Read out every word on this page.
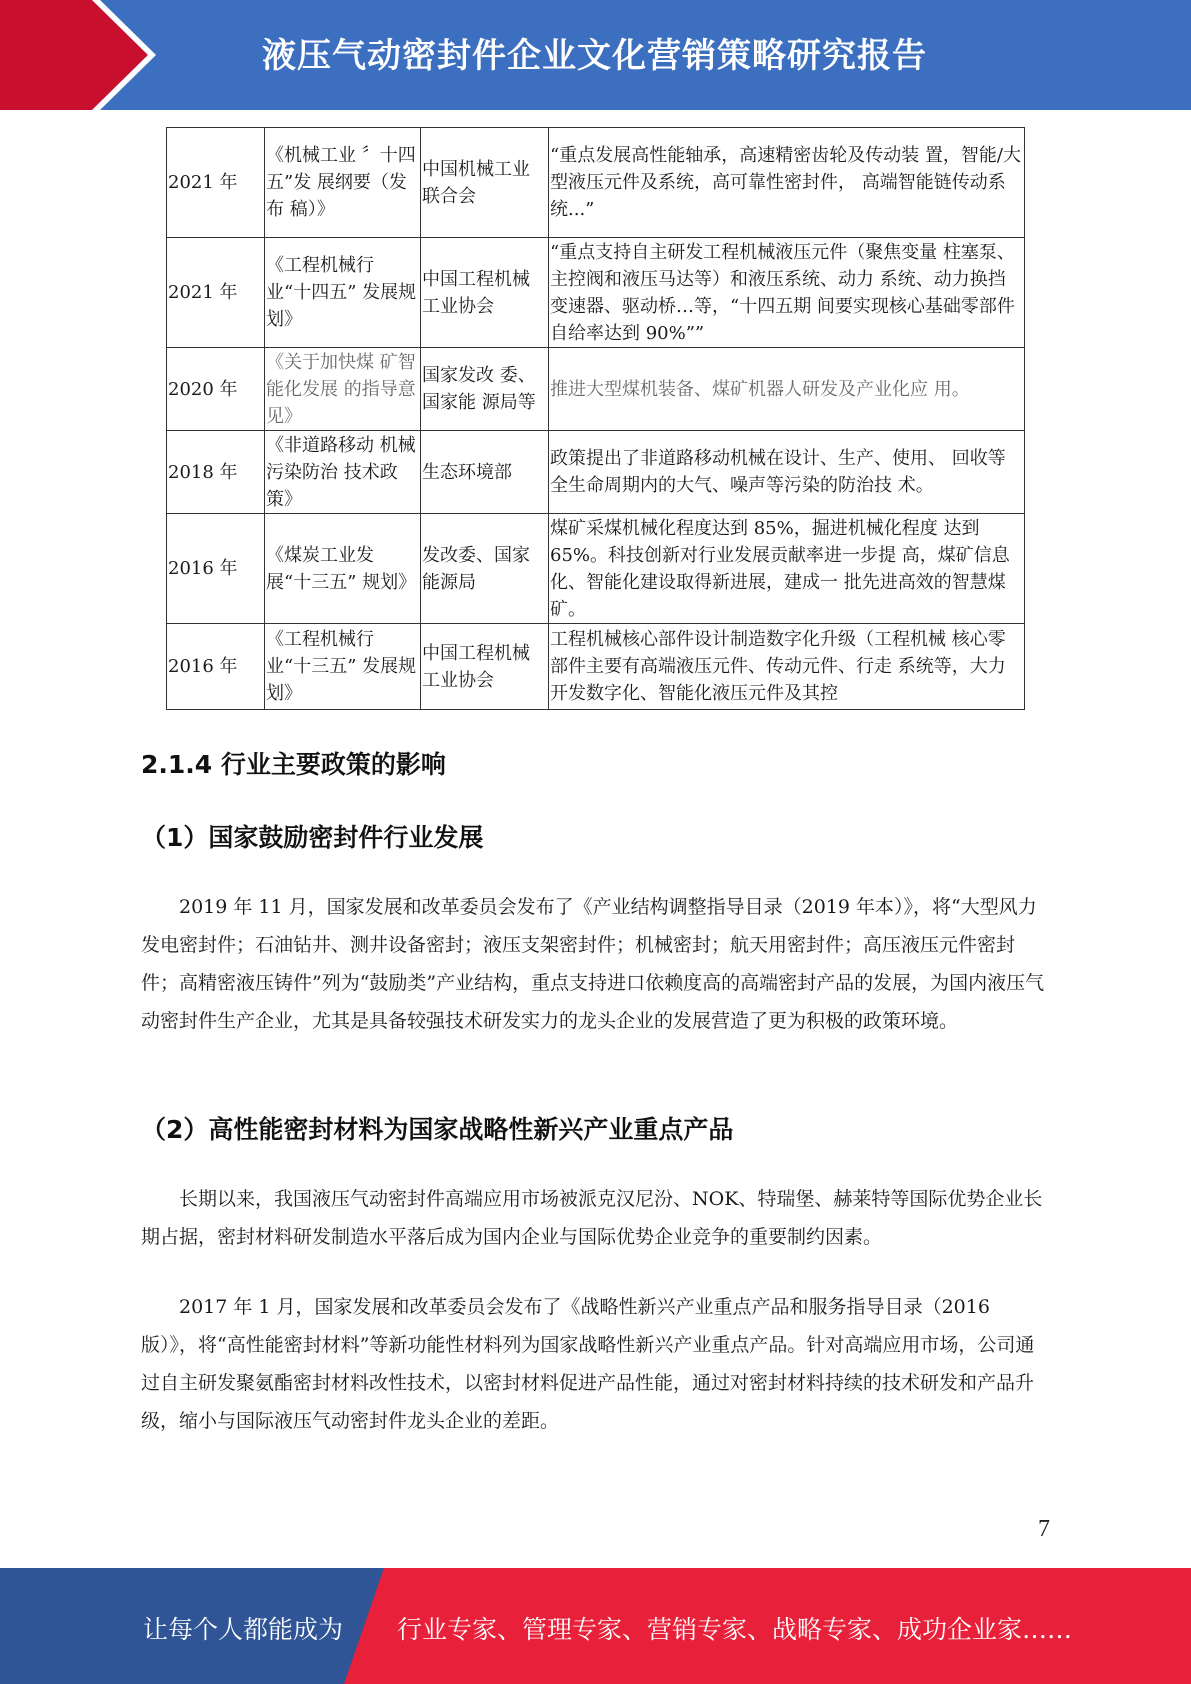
液压气动密封件企业文化营销策略研究报告
2021 年	《机械工业 〞十四五”发 展纲要（发布 稿）》	中国机械工业联合会	“重点发展高性能轴承，高速精密齿轮及传动装 置，智能/大型液压元件及系统，高可靠性密封件， 高端智能链传动系统...”
2021 年	《工程机械行 业“十四五” 发展规划》	中国工程机械工业协会	“重点支持自主研发工程机械液压元件（聚焦变量 柱塞泵、主控阀和液压马达等）和液压系统、动力 系统、动力换挡变速器、驱动桥…等，“十四五期 间要实现核心基础零部件自给率达到 90%””
2020 年	《关于加快煤 矿智能化发展 的指导意见》	国家发改 委、国家能 源局等	推进大型煤机装备、煤矿机器人研发及产业化应 用。
2018 年	《非道路移动 机械污染防治 技术政策》	生态环境部	政策提出了非道路移动机械在设计、生产、使用、 回收等全生命周期内的大气、噪声等污染的防治技 术。
2016 年	《煤炭工业发 展“十三五” 规划》	发改委、国家能源局	煤矿采煤机械化程度达到 85%，掘进机械化程度 达到 65%。科技创新对行业发展贡献率进一步提 高，煤矿信息化、智能化建设取得新进展，建成一 批先进高效的智慧煤矿。
2016 年	《工程机械行 业“十三五” 发展规划》	中国工程机械工业协会	工程机械核心部件设计制造数字化升级（工程机械 核心零部件主要有高端液压元件、传动元件、行走 系统等，大力开发数字化、智能化液压元件及其控
2.1.4 行业主要政策的影响
（1）国家鼓励密封件行业发展

2019 年 11 月，国家发展和改革委员会发布了《产业结构调整指导目录（2019 年本）》，将“大型风力发电密封件；石油钻井、测井设备密封；液压支架密封件；机械密封；航天用密封件；高压液压元件密封件；高精密液压铸件”列为“鼓励类”产业结构，重点支持进口依赖度高的高端密封产品的发展，为国内液压气动密封件生产企业，尤其是具备较强技术研发实力的龙头企业的发展营造了更为积极的政策环境。

（2）高性能密封材料为国家战略性新兴产业重点产品

长期以来，我国液压气动密封件高端应用市场被派克汉尼汾、NOK、特瑞堡、赫莱特等国际优势企业长期占据，密封材料研发制造水平落后成为国内企业与国际优势企业竞争的重要制约因素。

2017 年 1 月，国家发展和改革委员会发布了《战略性新兴产业重点产品和服务指导目录（2016 版）》，将“高性能密封材料”等新功能性材料列为国家战略性新兴产业重点产品。针对高端应用市场，公司通过自主研发聚氨酯密封材料改性技术，以密封材料促进产品性能，通过对密封材料持续的技术研发和产品升级，缩小与国际液压气动密封件龙头企业的差距。

7
让每个人都能成为 行业专家、管理专家、营销专家、战略专家、成功企业家……
